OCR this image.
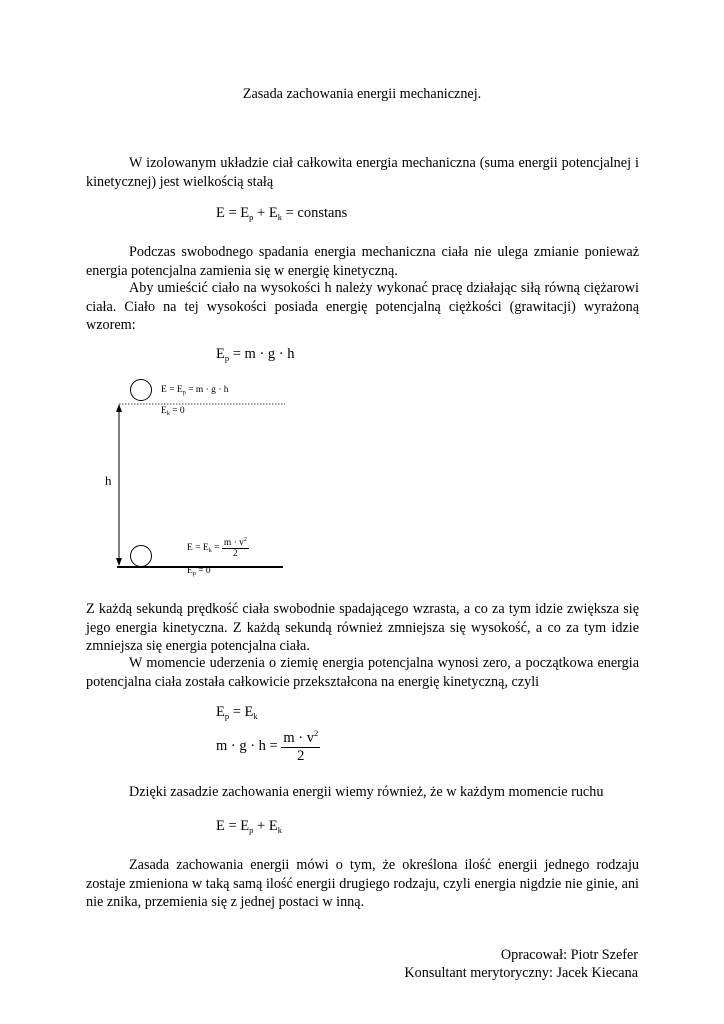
Zasada zachowania energii mechanicznej.

W izolowanym układzie ciał całkowita energia mechaniczna (suma energii potencjalnej i kinetycznej) jest wielkością stałą

$E = E_p + E_k$ = constans

Podczas swobodnego spadania energia mechaniczna ciała nie ulega zmianie ponieważ energia potencjalna zamienia się w energię kinetyczną.

Aby umieścić ciało na wysokości h należy wykonać pracę działając siłą równą ciężarowi ciała. Ciało na tej wysokości posiada energię potencjalną ciężkości (grawitacji) wyrażoną wzorem:

$E_p = m \cdot g \cdot h$
$E = E_p = m \cdot g \cdot h$
$E_k = 0$
h
$E = E_k = \frac{m \cdot v^2}{2}$
$E_p = 0$

Z każdą sekundą prędkość ciała swobodnie spadającego wzrasta, a co za tym idzie zwiększa się jego energia kinetyczna. Z każdą sekundą również zmniejsza się wysokość, a co za tym idzie zmniejsza się energia potencjalna ciała.

W momencie uderzenia o ziemię energia potencjalna wynosi zero, a początkowa energia potencjalna ciała została całkowicie przekształcona na energię kinetyczną, czyli

$E_p = E_k$
$m \cdot g \cdot h = \frac{m \cdot v^2}{2}$

Dzięki zasadzie zachowania energii wiemy również, że w każdym momencie ruchu

$E = E_p + E_k$

Zasada zachowania energii mówi o tym, że określona ilość energii jednego rodzaju zostaje zmieniona w taką samą ilość energii drugiego rodzaju, czyli energia nigdzie nie ginie, ani nie znika, przemienia się z jednej postaci w inną.

Opracował: Piotr Szefer
Konsultant merytoryczny: Jacek Kiecana
